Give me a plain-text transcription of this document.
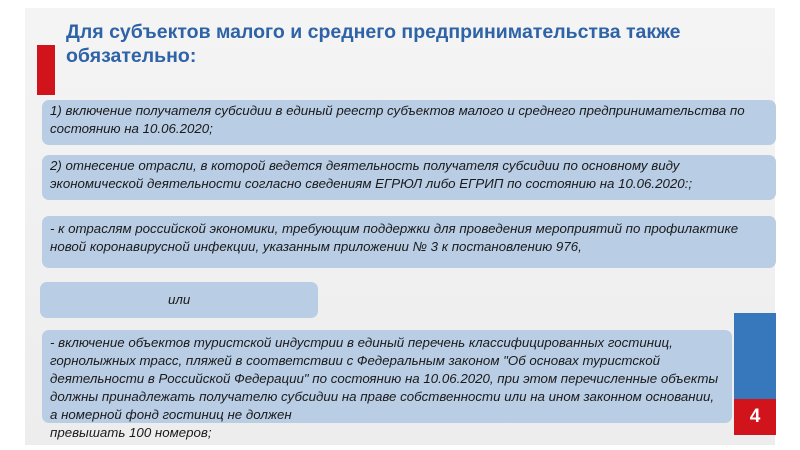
Для субъектов малого и среднего предпринимательства также обязательно:
1) включение получателя субсидии в единый реестр субъектов малого и среднего предпринимательства по состоянию на 10.06.2020;
2) отнесение отрасли, в которой ведется деятельность получателя субсидии по основному виду экономической деятельности согласно сведениям ЕГРЮЛ либо ЕГРИП по состоянию на 10.06.2020:;
- к отраслям российской экономики, требующим поддержки для проведения мероприятий по профилактике новой коронавирусной инфекции, указанным приложении № 3 к постановлению 976,
или
- включение объектов туристской индустрии в единый перечень классифицированных гостиниц, горнолыжных трасс, пляжей в соответствии с Федеральным законом "Об основах туристской деятельности в Российской Федерации" по состоянию на 10.06.2020, при этом перечисленные объекты должны принадлежать получателю субсидии на праве собственности или на ином законном основании, а номерной фонд гостиниц не должен
превышать 100 номеров;
4
